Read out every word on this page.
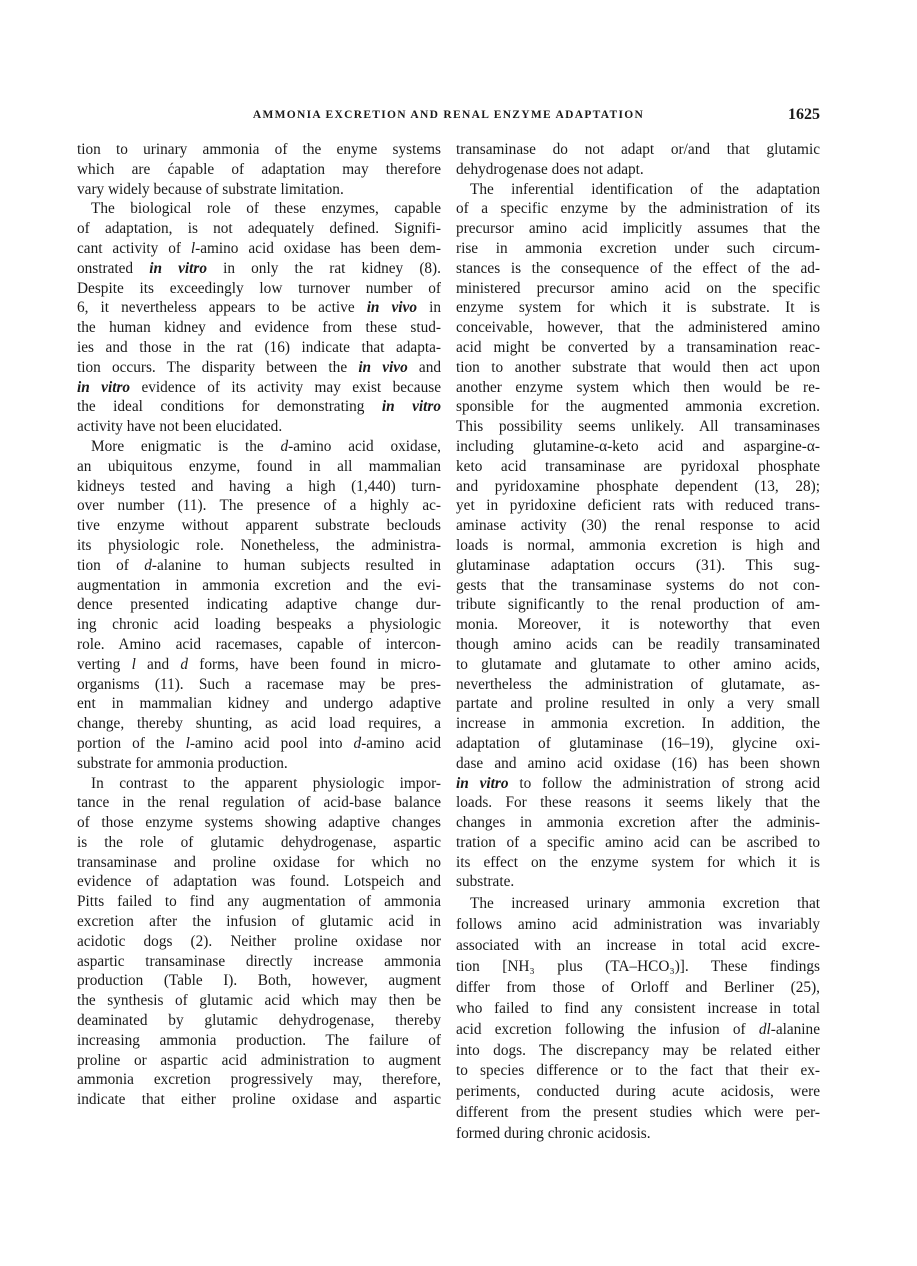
AMMONIA EXCRETION AND RENAL ENZYME ADAPTATION	1625
tion to urinary ammonia of the enyme systems
which are ćapable of adaptation may therefore
vary widely because of substrate limitation.
The biological role of these enzymes, capable
of adaptation, is not adequately defined. Signifi-
cant activity of l-amino acid oxidase has been dem-
onstrated in vitro in only the rat kidney (8).
Despite its exceedingly low turnover number of
6, it nevertheless appears to be active in vivo in
the human kidney and evidence from these stud-
ies and those in the rat (16) indicate that adapta-
tion occurs. The disparity between the in vivo and
in vitro evidence of its activity may exist because
the ideal conditions for demonstrating in vitro
activity have not been elucidated.
More enigmatic is the d-amino acid oxidase,
an ubiquitous enzyme, found in all mammalian
kidneys tested and having a high (1,440) turn-
over number (11). The presence of a highly ac-
tive enzyme without apparent substrate beclouds
its physiologic role. Nonetheless, the administra-
tion of d-alanine to human subjects resulted in
augmentation in ammonia excretion and the evi-
dence presented indicating adaptive change dur-
ing chronic acid loading bespeaks a physiologic
role. Amino acid racemases, capable of intercon-
verting l and d forms, have been found in micro-
organisms (11). Such a racemase may be pres-
ent in mammalian kidney and undergo adaptive
change, thereby shunting, as acid load requires, a
portion of the l-amino acid pool into d-amino acid
substrate for ammonia production.
In contrast to the apparent physiologic impor-
tance in the renal regulation of acid-base balance
of those enzyme systems showing adaptive changes
is the role of glutamic dehydrogenase, aspartic
transaminase and proline oxidase for which no
evidence of adaptation was found. Lotspeich and
Pitts failed to find any augmentation of ammonia
excretion after the infusion of glutamic acid in
acidotic dogs (2). Neither proline oxidase nor
aspartic transaminase directly increase ammonia
production (Table I). Both, however, augment
the synthesis of glutamic acid which may then be
deaminated by glutamic dehydrogenase, thereby
increasing ammonia production. The failure of
proline or aspartic acid administration to augment
ammonia excretion progressively may, therefore,
indicate that either proline oxidase and aspartic
transaminase do not adapt or/and that glutamic
dehydrogenase does not adapt.
The inferential identification of the adaptation
of a specific enzyme by the administration of its
precursor amino acid implicitly assumes that the
rise in ammonia excretion under such circum-
stances is the consequence of the effect of the ad-
ministered precursor amino acid on the specific
enzyme system for which it is substrate. It is
conceivable, however, that the administered amino
acid might be converted by a transamination reac-
tion to another substrate that would then act upon
another enzyme system which then would be re-
sponsible for the augmented ammonia excretion.
This possibility seems unlikely. All transaminases
including glutamine-α-keto acid and aspargine-α-
keto acid transaminase are pyridoxal phosphate
and pyridoxamine phosphate dependent (13, 28);
yet in pyridoxine deficient rats with reduced trans-
aminase activity (30) the renal response to acid
loads is normal, ammonia excretion is high and
glutaminase adaptation occurs (31). This sug-
gests that the transaminase systems do not con-
tribute significantly to the renal production of am-
monia. Moreover, it is noteworthy that even
though amino acids can be readily transaminated
to glutamate and glutamate to other amino acids,
nevertheless the administration of glutamate, as-
partate and proline resulted in only a very small
increase in ammonia excretion. In addition, the
adaptation of glutaminase (16–19), glycine oxi-
dase and amino acid oxidase (16) has been shown
in vitro to follow the administration of strong acid
loads. For these reasons it seems likely that the
changes in ammonia excretion after the adminis-
tration of a specific amino acid can be ascribed to
its effect on the enzyme system for which it is
substrate.
The increased urinary ammonia excretion that
follows amino acid administration was invariably
associated with an increase in total acid excre-
tion [NH₃ plus (TA–HCO₃)]. These findings
differ from those of Orloff and Berliner (25),
who failed to find any consistent increase in total
acid excretion following the infusion of dl-alanine
into dogs. The discrepancy may be related either
to species difference or to the fact that their ex-
periments, conducted during acute acidosis, were
different from the present studies which were per-
formed during chronic acidosis.
